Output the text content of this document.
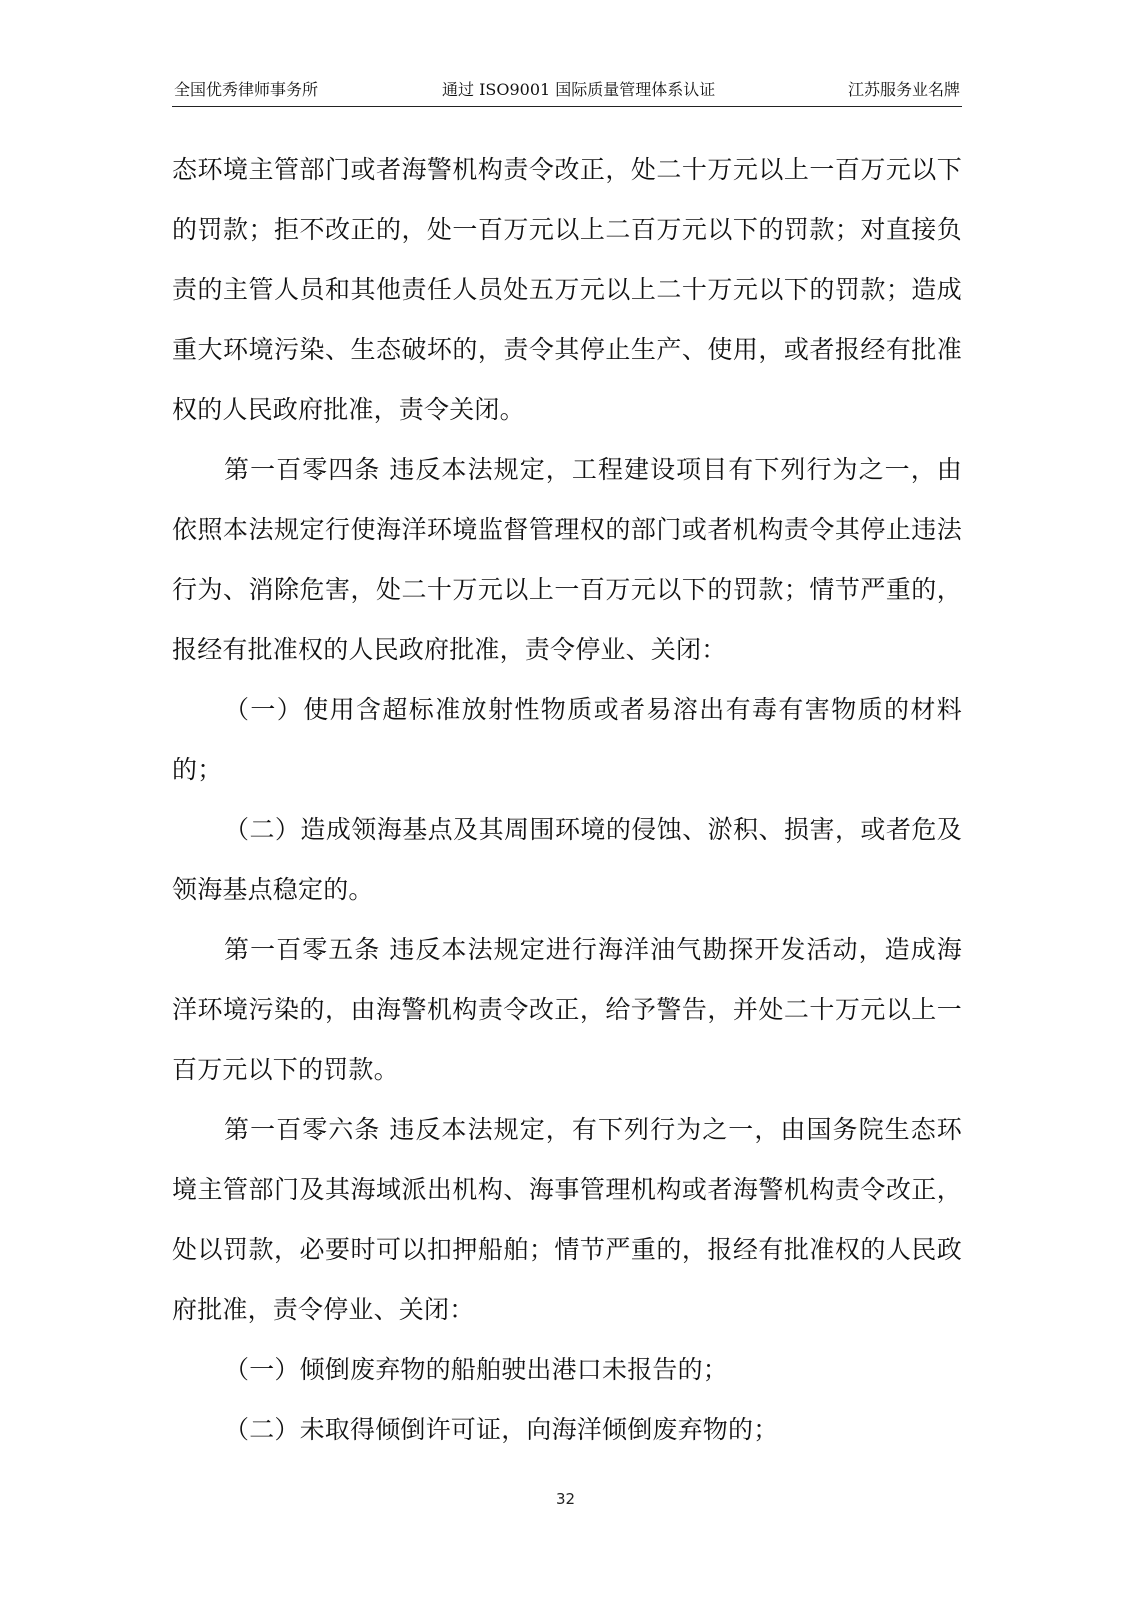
全国优秀律师事务所	通过 ISO9001 国际质量管理体系认证	江苏服务业名牌

态环境主管部门或者海警机构责令改正，处二十万元以上一百万元以下的罚款；拒不改正的，处一百万元以上二百万元以下的罚款；对直接负责的主管人员和其他责任人员处五万元以上二十万元以下的罚款；造成重大环境污染、生态破坏的，责令其停止生产、使用，或者报经有批准权的人民政府批准，责令关闭。

第一百零四条 违反本法规定，工程建设项目有下列行为之一，由依照本法规定行使海洋环境监督管理权的部门或者机构责令其停止违法行为、消除危害，处二十万元以上一百万元以下的罚款；情节严重的，报经有批准权的人民政府批准，责令停业、关闭：

（一）使用含超标准放射性物质或者易溶出有毒有害物质的材料的；

（二）造成领海基点及其周围环境的侵蚀、淤积、损害，或者危及领海基点稳定的。

第一百零五条 违反本法规定进行海洋油气勘探开发活动，造成海洋环境污染的，由海警机构责令改正，给予警告，并处二十万元以上一百万元以下的罚款。

第一百零六条 违反本法规定，有下列行为之一，由国务院生态环境主管部门及其海域派出机构、海事管理机构或者海警机构责令改正，处以罚款，必要时可以扣押船舶；情节严重的，报经有批准权的人民政府批准，责令停业、关闭：

（一）倾倒废弃物的船舶驶出港口未报告的；

（二）未取得倾倒许可证，向海洋倾倒废弃物的；

32
